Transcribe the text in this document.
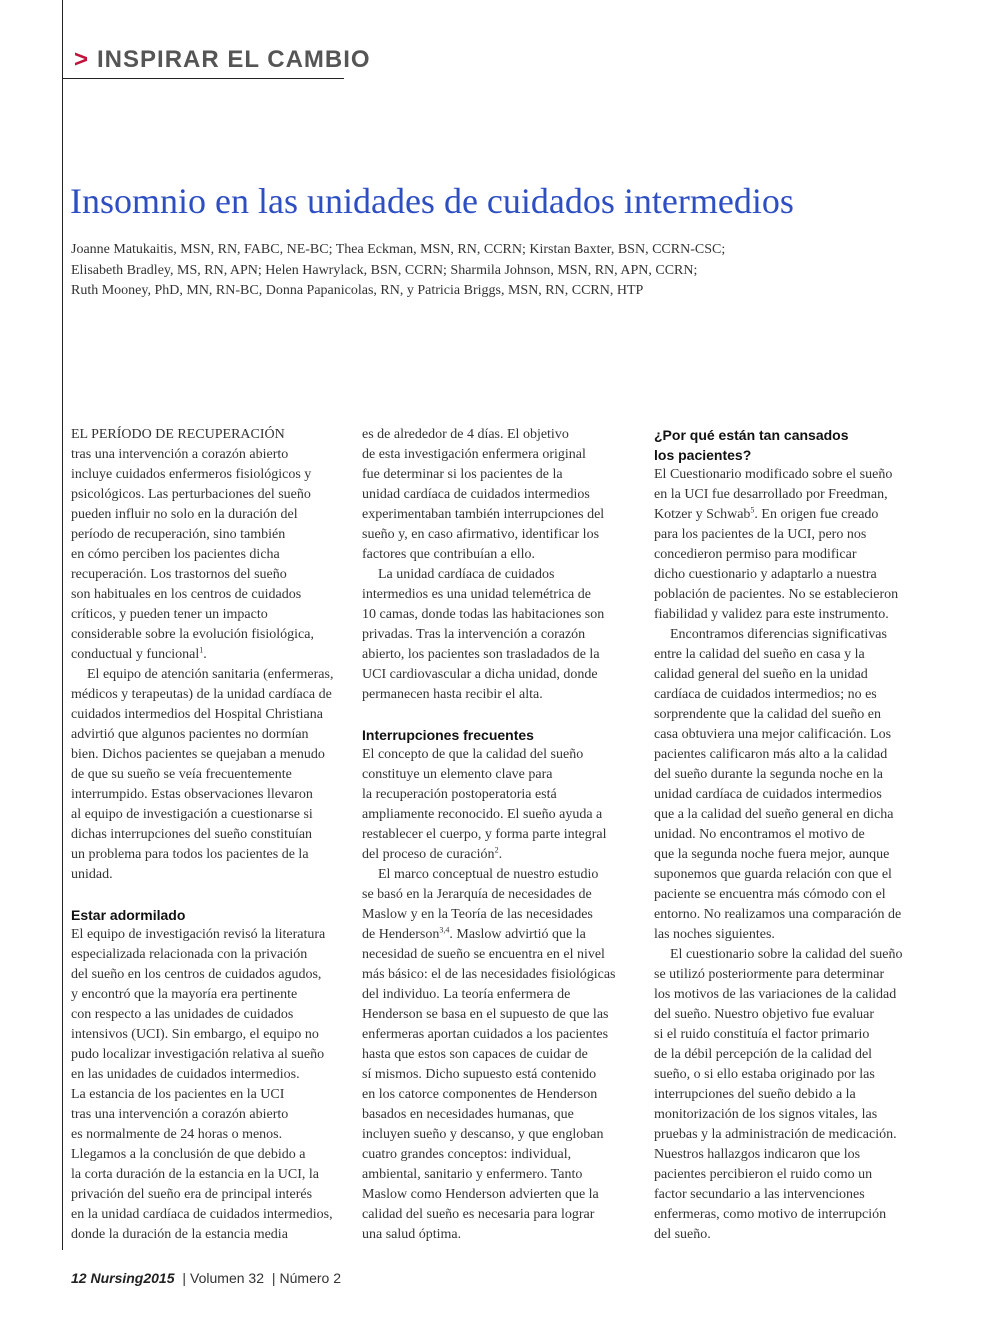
> INSPIRAR EL CAMBIO
Insomnio en las unidades de cuidados intermedios
Joanne Matukaitis, MSN, RN, FABC, NE-BC; Thea Eckman, MSN, RN, CCRN; Kirstan Baxter, BSN, CCRN-CSC;
Elisabeth Bradley, MS, RN, APN; Helen Hawrylack, BSN, CCRN; Sharmila Johnson, MSN, RN, APN, CCRN;
Ruth Mooney, PhD, MN, RN-BC, Donna Papanicolas, RN, y Patricia Briggs, MSN, RN, CCRN, HTP
EL PERÍODO DE RECUPERACIÓN
tras una intervención a corazón abierto
incluye cuidados enfermeros fisiológicos y
psicológicos. Las perturbaciones del sueño
pueden influir no solo en la duración del
período de recuperación, sino también
en cómo perciben los pacientes dicha
recuperación. Los trastornos del sueño
son habituales en los centros de cuidados
críticos, y pueden tener un impacto
considerable sobre la evolución fisiológica,
conductual y funcional$^1$.
El equipo de atención sanitaria (enfermeras,
médicos y terapeutas) de la unidad cardíaca de
cuidados intermedios del Hospital Christiana
advirtió que algunos pacientes no dormían
bien. Dichos pacientes se quejaban a menudo
de que su sueño se veía frecuentemente
interrumpido. Estas observaciones llevaron
al equipo de investigación a cuestionarse si
dichas interrupciones del sueño constituían
un problema para todos los pacientes de la
unidad.
Estar adormilado
El equipo de investigación revisó la literatura
especializada relacionada con la privación
del sueño en los centros de cuidados agudos,
y encontró que la mayoría era pertinente
con respecto a las unidades de cuidados
intensivos (UCI). Sin embargo, el equipo no
pudo localizar investigación relativa al sueño
en las unidades de cuidados intermedios.
La estancia de los pacientes en la UCI
tras una intervención a corazón abierto
es normalmente de 24 horas o menos.
Llegamos a la conclusión de que debido a
la corta duración de la estancia en la UCI, la
privación del sueño era de principal interés
en la unidad cardíaca de cuidados intermedios,
donde la duración de la estancia media
es de alrededor de 4 días. El objetivo
de esta investigación enfermera original
fue determinar si los pacientes de la
unidad cardíaca de cuidados intermedios
experimentaban también interrupciones del
sueño y, en caso afirmativo, identificar los
factores que contribuían a ello.
La unidad cardíaca de cuidados
intermedios es una unidad telemétrica de
10 camas, donde todas las habitaciones son
privadas. Tras la intervención a corazón
abierto, los pacientes son trasladados de la
UCI cardiovascular a dicha unidad, donde
permanecen hasta recibir el alta.
Interrupciones frecuentes
El concepto de que la calidad del sueño
constituye un elemento clave para
la recuperación postoperatoria está
ampliamente reconocido. El sueño ayuda a
restablecer el cuerpo, y forma parte integral
del proceso de curación$^2$.
El marco conceptual de nuestro estudio
se basó en la Jerarquía de necesidades de
Maslow y en la Teoría de las necesidades
de Henderson$^{3,4}$. Maslow advirtió que la
necesidad de sueño se encuentra en el nivel
más básico: el de las necesidades fisiológicas
del individuo. La teoría enfermera de
Henderson se basa en el supuesto de que las
enfermeras aportan cuidados a los pacientes
hasta que estos son capaces de cuidar de
sí mismos. Dicho supuesto está contenido
en los catorce componentes de Henderson
basados en necesidades humanas, que
incluyen sueño y descanso, y que engloban
cuatro grandes conceptos: individual,
ambiental, sanitario y enfermero. Tanto
Maslow como Henderson advierten que la
calidad del sueño es necesaria para lograr
una salud óptima.
¿Por qué están tan cansados
los pacientes?
El Cuestionario modificado sobre el sueño
en la UCI fue desarrollado por Freedman,
Kotzer y Schwab$^5$. En origen fue creado
para los pacientes de la UCI, pero nos
concedieron permiso para modificar
dicho cuestionario y adaptarlo a nuestra
población de pacientes. No se establecieron
fiabilidad y validez para este instrumento.
Encontramos diferencias significativas
entre la calidad del sueño en casa y la
calidad general del sueño en la unidad
cardíaca de cuidados intermedios; no es
sorprendente que la calidad del sueño en
casa obtuviera una mejor calificación. Los
pacientes calificaron más alto a la calidad
del sueño durante la segunda noche en la
unidad cardíaca de cuidados intermedios
que a la calidad del sueño general en dicha
unidad. No encontramos el motivo de
que la segunda noche fuera mejor, aunque
suponemos que guarda relación con que el
paciente se encuentra más cómodo con el
entorno. No realizamos una comparación de
las noches siguientes.
El cuestionario sobre la calidad del sueño
se utilizó posteriormente para determinar
los motivos de las variaciones de la calidad
del sueño. Nuestro objetivo fue evaluar
si el ruido constituía el factor primario
de la débil percepción de la calidad del
sueño, o si ello estaba originado por las
interrupciones del sueño debido a la
monitorización de los signos vitales, las
pruebas y la administración de medicación.
Nuestros hallazgos indicaron que los
pacientes percibieron el ruido como un
factor secundario a las intervenciones
enfermeras, como motivo de interrupción
del sueño.
12 Nursing2015 | Volumen 32 | Número 2
